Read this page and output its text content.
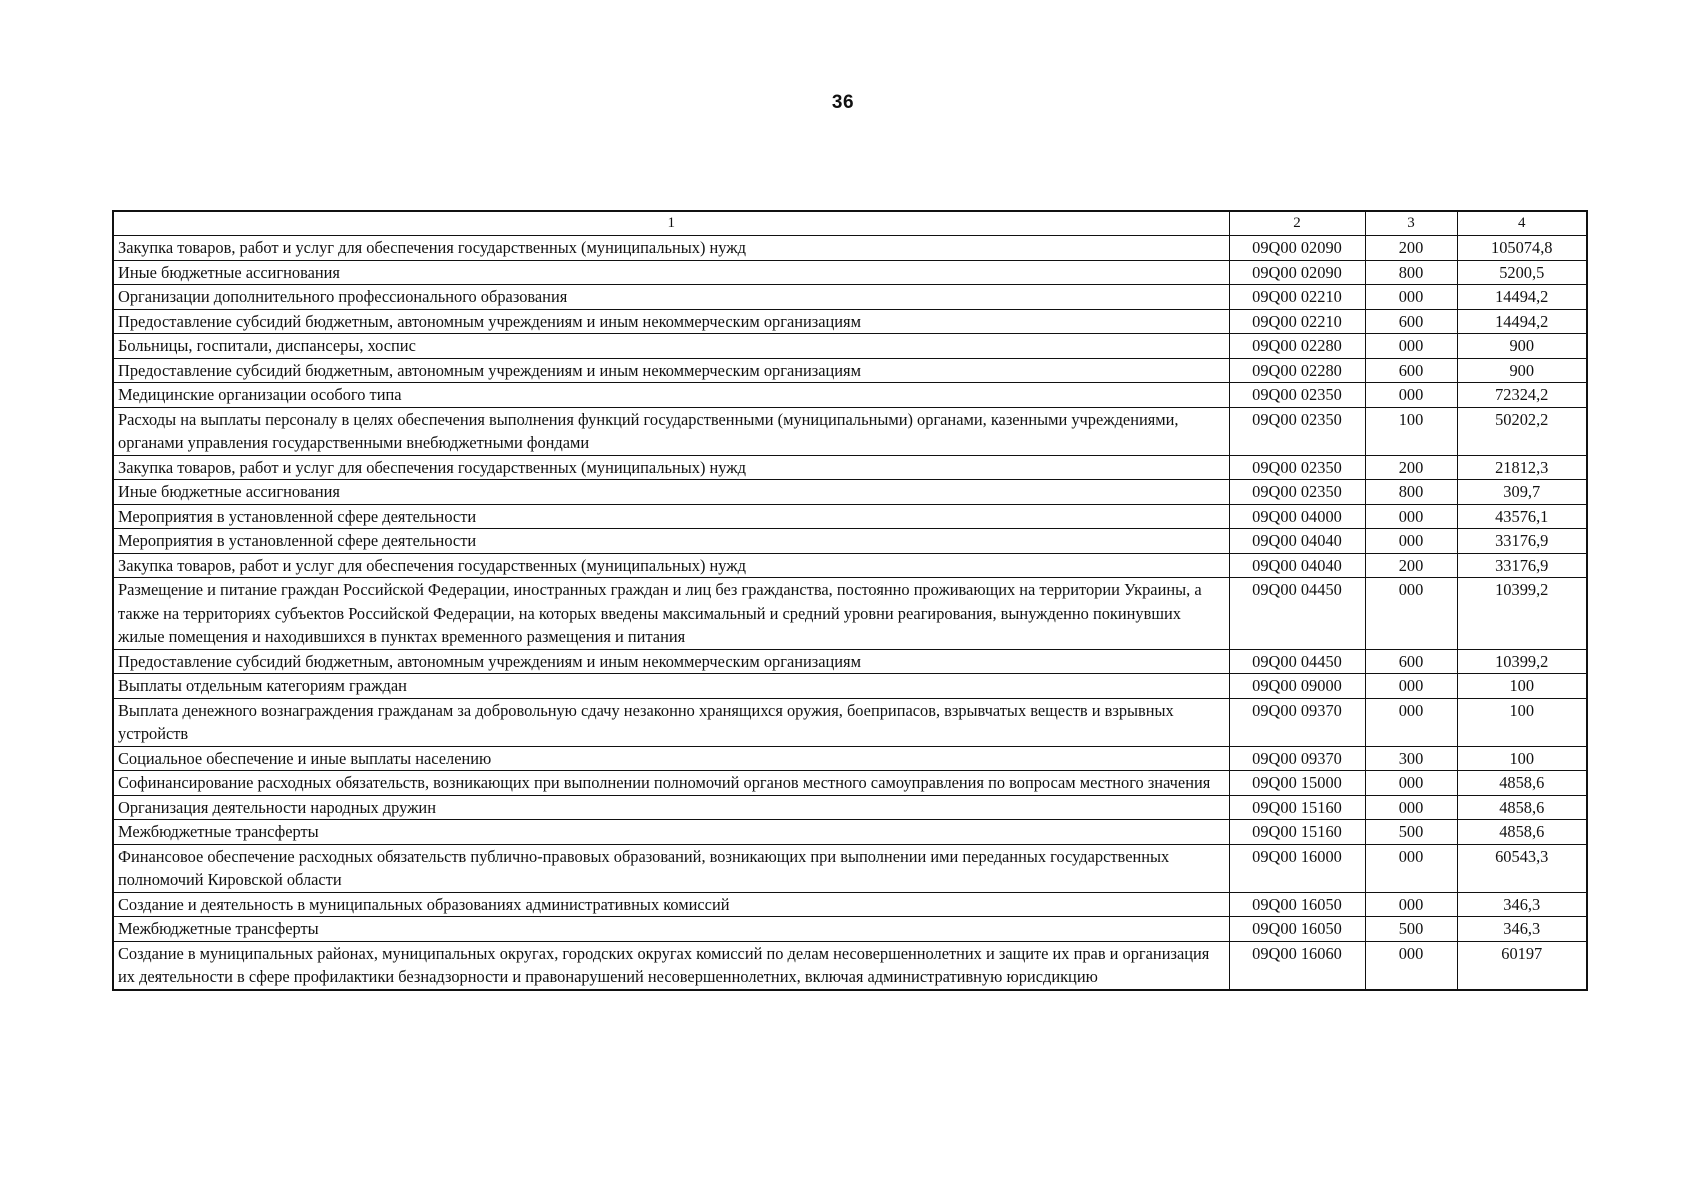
36
1	2	3	4
Закупка товаров, работ и услуг для обеспечения государственных (муниципальных) нужд	09Q00 02090	200	105074,8
Иные бюджетные ассигнования	09Q00 02090	800	5200,5
Организации дополнительного профессионального образования	09Q00 02210	000	14494,2
Предоставление субсидий бюджетным, автономным учреждениям и иным некоммерческим организациям	09Q00 02210	600	14494,2
Больницы, госпитали, диспансеры, хоспис	09Q00 02280	000	900
Предоставление субсидий бюджетным, автономным учреждениям и иным некоммерческим организациям	09Q00 02280	600	900
Медицинские организации особого типа	09Q00 02350	000	72324,2
Расходы на выплаты персоналу в целях обеспечения выполнения функций государственными (муниципальными) органами, казенными учреждениями, органами управления государственными внебюджетными фондами	09Q00 02350	100	50202,2
Закупка товаров, работ и услуг для обеспечения государственных (муниципальных) нужд	09Q00 02350	200	21812,3
Иные бюджетные ассигнования	09Q00 02350	800	309,7
Мероприятия в установленной сфере деятельности	09Q00 04000	000	43576,1
Мероприятия в установленной сфере деятельности	09Q00 04040	000	33176,9
Закупка товаров, работ и услуг для обеспечения государственных (муниципальных) нужд	09Q00 04040	200	33176,9
Размещение и питание граждан Российской Федерации, иностранных граждан и лиц без гражданства, постоянно проживающих на территории Украины, а также на территориях субъектов Российской Федерации, на которых введены максимальный и средний уровни реагирования, вынужденно покинувших жилые помещения и находившихся в пунктах временного размещения и питания	09Q00 04450	000	10399,2
Предоставление субсидий бюджетным, автономным учреждениям и иным некоммерческим организациям	09Q00 04450	600	10399,2
Выплаты отдельным категориям граждан	09Q00 09000	000	100
Выплата денежного вознаграждения гражданам за добровольную сдачу незаконно хранящихся оружия, боеприпасов, взрывчатых веществ и взрывных устройств	09Q00 09370	000	100
Социальное обеспечение и иные выплаты населению	09Q00 09370	300	100
Софинансирование расходных обязательств, возникающих при выполнении полномочий органов местного самоуправления по вопросам местного значения	09Q00 15000	000	4858,6
Организация деятельности народных дружин	09Q00 15160	000	4858,6
Межбюджетные трансферты	09Q00 15160	500	4858,6
Финансовое обеспечение расходных обязательств публично-правовых образований, возникающих при выполнении ими переданных государственных полномочий Кировской области	09Q00 16000	000	60543,3
Создание и деятельность в муниципальных образованиях административных комиссий	09Q00 16050	000	346,3
Межбюджетные трансферты	09Q00 16050	500	346,3
Создание в муниципальных районах, муниципальных округах, городских округах комиссий по делам несовершеннолетних и защите их прав и организация их деятельности в сфере профилактики безнадзорности и правонарушений несовершеннолетних, включая административную юрисдикцию	09Q00 16060	000	60197
